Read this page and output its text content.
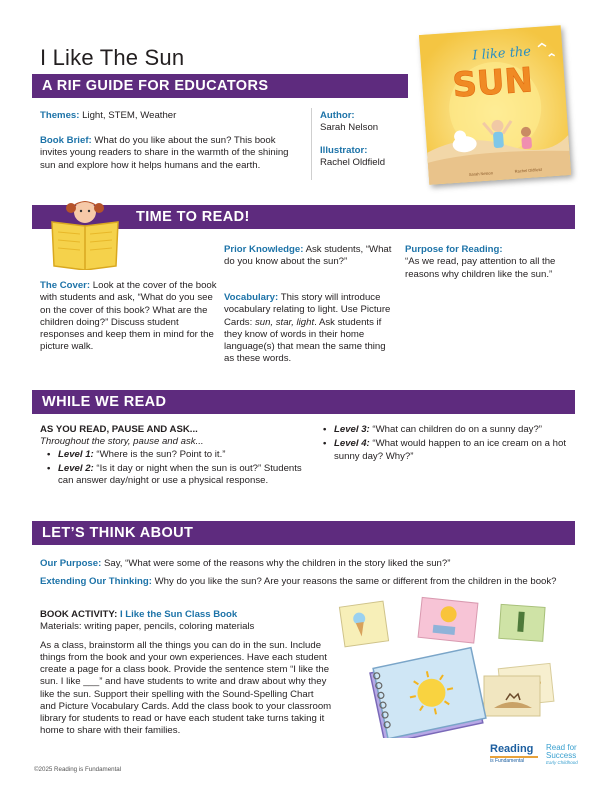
I Like The Sun
A RIF GUIDE FOR EDUCATORS
I like the
SUN
Sarah Nelson	Rachel Oldfield
Themes: Light, STEM, Weather
Book Brief: What do you like about the sun? This book invites young readers to share in the warmth of the shining sun and explore how it helps humans and the earth.
Author:
Sarah Nelson
Illustrator:
Rachel Oldfield
TIME TO READ!
The Cover: Look at the cover of the book with students and ask, “What do you see on the cover of this book? What are the children doing?” Discuss student responses and keep them in mind for the picture walk.
Prior Knowledge: Ask students, “What do you know about the sun?”
Vocabulary: This story will introduce vocabulary relating to light. Use Picture Cards: sun, star, light. Ask students if they know of words in their home language(s) that mean the same thing as these words.
Purpose for Reading:
“As we read, pay attention to all the reasons why children like the sun.”
WHILE WE READ
AS YOU READ, PAUSE AND ASK...
Throughout the story, pause and ask...
• Level 1: “Where is the sun? Point to it.”
• Level 2: “Is it day or night when the sun is out?” Students can answer day/night or use a physical response.
• Level 3: “What can children do on a sunny day?”
• Level 4: “What would happen to an ice cream on a hot sunny day? Why?”
LET’S THINK ABOUT
Our Purpose: Say, “What were some of the reasons why the children in the story liked the sun?”
Extending Our Thinking: Why do you like the sun? Are your reasons the same or different from the children in the book?
BOOK ACTIVITY: I Like the Sun Class Book
Materials: writing paper, pencils, coloring materials
As a class, brainstorm all the things you can do in the sun. Include things from the book and your own experiences. Have each student create a page for a class book. Provide the sentence stem “I like the sun. I like ___” and have students to write and draw about why they like the sun. Support their spelling with the Sound-Spelling Chart and Picture Vocabulary Cards. Add the class book to your classroom library for students to read or have each student take turns taking it home to share with their families.
Reading
is Fundamental
Read for
Success
Early Childhood
©2025 Reading is Fundamental
